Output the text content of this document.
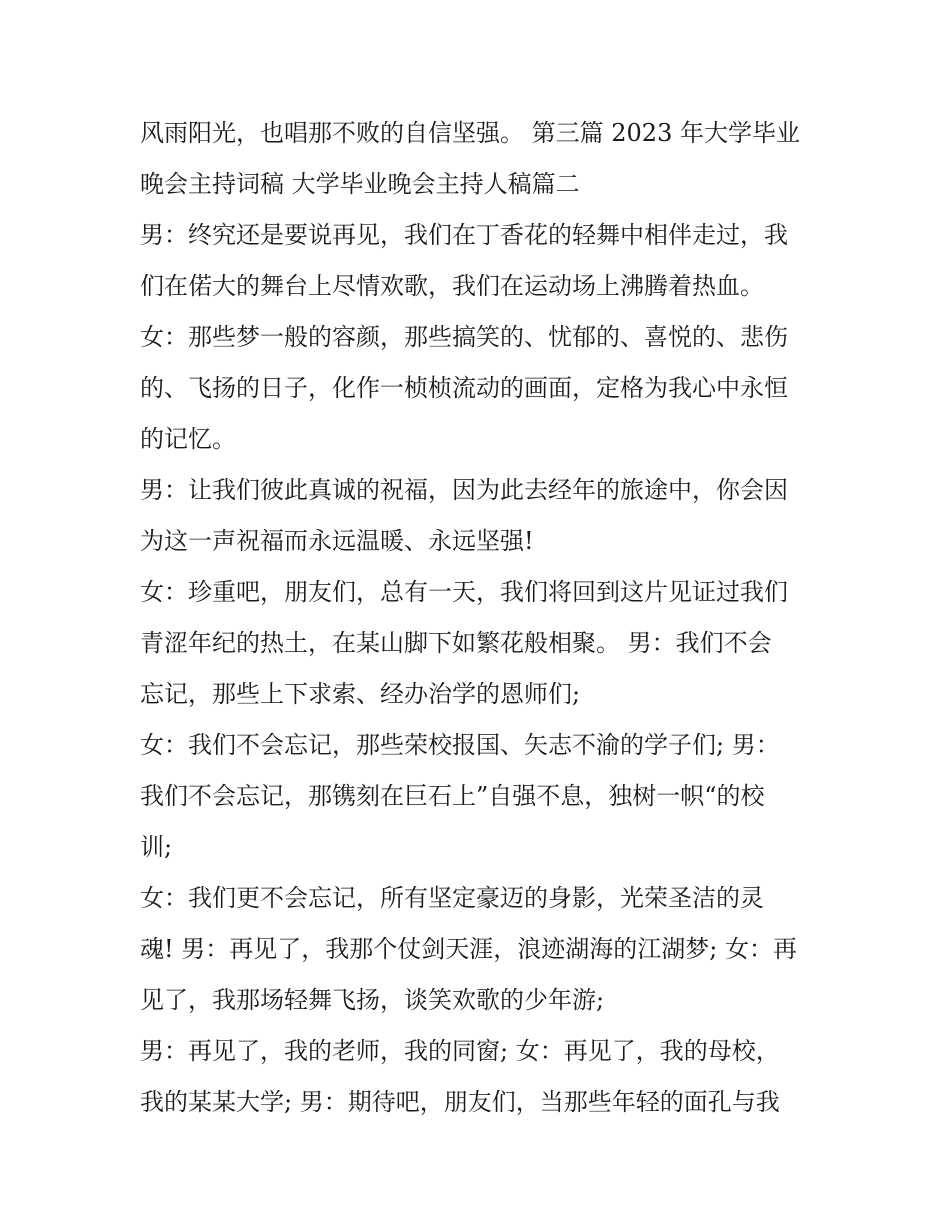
风雨阳光，也唱那不败的自信坚强。 第三篇 2023 年大学毕业
晚会主持词稿 大学毕业晚会主持人稿篇二
男：终究还是要说再见，我们在丁香花的轻舞中相伴走过，我
们在偌大的舞台上尽情欢歌，我们在运动场上沸腾着热血。
女：那些梦一般的容颜，那些搞笑的、忧郁的、喜悦的、悲伤
的、飞扬的日子，化作一桢桢流动的画面，定格为我心中永恒
的记忆。
男：让我们彼此真诚的祝福，因为此去经年的旅途中，你会因
为这一声祝福而永远温暖、永远坚强!
女：珍重吧，朋友们，总有一天，我们将回到这片见证过我们
青涩年纪的热土，在某山脚下如繁花般相聚。 男：我们不会
忘记，那些上下求索、经办治学的恩师们;
女：我们不会忘记，那些荣校报国、矢志不渝的学子们; 男：
我们不会忘记，那镌刻在巨石上”自强不息，独树一帜“的校
训;
女：我们更不会忘记，所有坚定豪迈的身影，光荣圣洁的灵
魂! 男：再见了，我那个仗剑天涯，浪迹湖海的江湖梦; 女：再
见了，我那场轻舞飞扬，谈笑欢歌的少年游;
男：再见了，我的老师，我的同窗; 女：再见了，我的母校，
我的某某大学; 男：期待吧，朋友们，当那些年轻的面孔与我
